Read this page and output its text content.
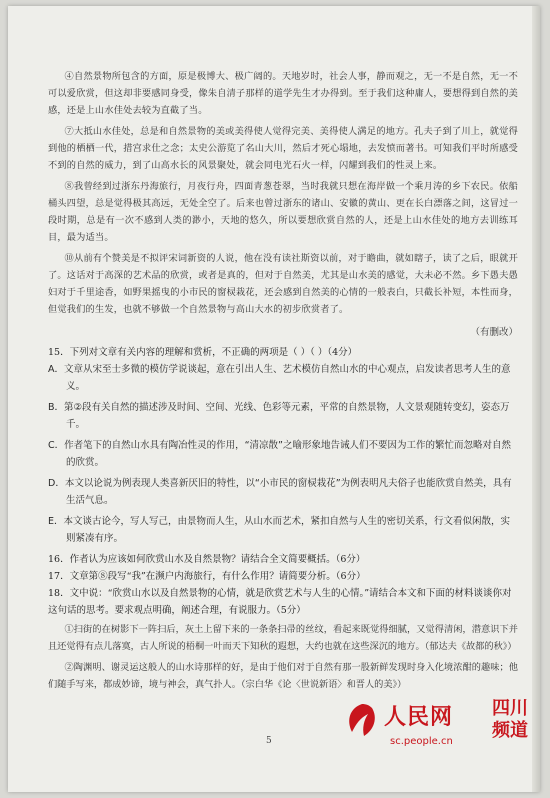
④自然景物所包含的方面，原是极博大、极广阔的。天地岁时，社会人事，静而观之，无一不是自然，无一不可以爱欣赏，但这却非要感同身受，像朱自清子那样的道学先生才办得到。至于我们这种庸人，要想得到自然的美感，还是上山水佳处去较为直截了当。

⑦大抵山水佳处，总是和自然景物的美或美得使人觉得完美、美得使人满足的地方。孔夫子到了川上，就觉得到他的栖栖一代，措宫求仕之念；太史公游览了名山大川，然后才死心塌地，去发愤而著书。可知我们平时所感受不到的自然的威力，到了山高水长的风景聚处，就会同电光石火一样，闪耀到我们的性灵上来。

⑧我曾经到过浙东丹海旅行，月夜行舟，四面青葱苍翠，当时我就只想在海岸做一个乘月涛的乡下农民。依船桶头四望，总是觉得极其高远，无处全空了。后来也曾过浙东的诸山、安徽的黄山、更在长白漂落之间，这冒过一段时期，总是有一次不感到人类的渺小，天地的悠久，所以要想欣赏自然的人，还是上山水佳处的地方去训练耳目，最为适当。

⑩从前有个赞美是不拟评宋词新资的人说，他在没有读社斯资以前，对于瞻曲，就如瞎子，读了之后，眼就开了。这话对于高深的艺术品的欣赏，或者是真的，但对于自然美，尤其是山水美的感觉，大未必不然。乡下愚夫愚妇对于千里途香，如野果摇曳的小市民的窗棂栽花，还会感到自然美的心情的一般表白，只截长补短，本性而身，但觉我们的生发，也就不够做一个自然景物与高山大水的初步欣赏者了。

（有删改）

15．下列对文章有关内容的理解和赏析，不正确的两项是（ ）（ ）（4分）

A．文章从宋至士多微的模仿学说谈起，意在引出人生、艺术模仿自然山水的中心观点，启发读者思考人生的意义。

B．第②段有关自然的描述涉及时间、空间、光线、色彩等元素，平常的自然景物，人文景观随转变幻，姿态万千。

C．作者笔下的自然山水具有陶冶性灵的作用，“清凉散”之喻形象地告诫人们不要因为工作的繁忙而忽略对自然的欣赏。

D．本文以论说为例表现人类喜新厌旧的特性，以“小市民的窗棂栽花”为例表明凡夫俗子也能欣赏自然美，具有生活气息。

E．本文谈古论今，写人写己，由景物而人生，从山水而艺术，紧扣自然与人生的密切关系，行文看似闲散，实则紧凑有序。

16．作者认为应该如何欣赏山水及自然景物？请结合全文简要概括。（6分）

17．文章第⑧段写“我”在濒户内海旅行，有什么作用？请简要分析。（6分）

18．文中说：“欣赏山水以及自然景物的心情，就是欣赏艺术与人生的心情。”请结合本文和下面的材料谈谈你对这句话的思考。要求观点明确，阐述合理，有说服力。（5分）

①扫街的在树影下一阵扫后，灰土上留下来的一条条扫帚的丝纹，看起来既觉得细腻，又觉得清闲，潜意识下并且还觉得有点儿落寞，古人所说的梧桐一叶而天下知秋的遐想，大约也就在这些深沉的地方。（郁达夫《故都的秋》）

②陶渊明、谢灵运这般人的山水诗那样的好，是由于他们对于自然有那一股新鲜发现时身入化境浓酣的趣味；他们随手写来，都成妙谛，境与神会，真气扑人。（宗白华《论〈世说新语〉和晋人的美》）

5
人民网 四川频道
sc.people.cn
